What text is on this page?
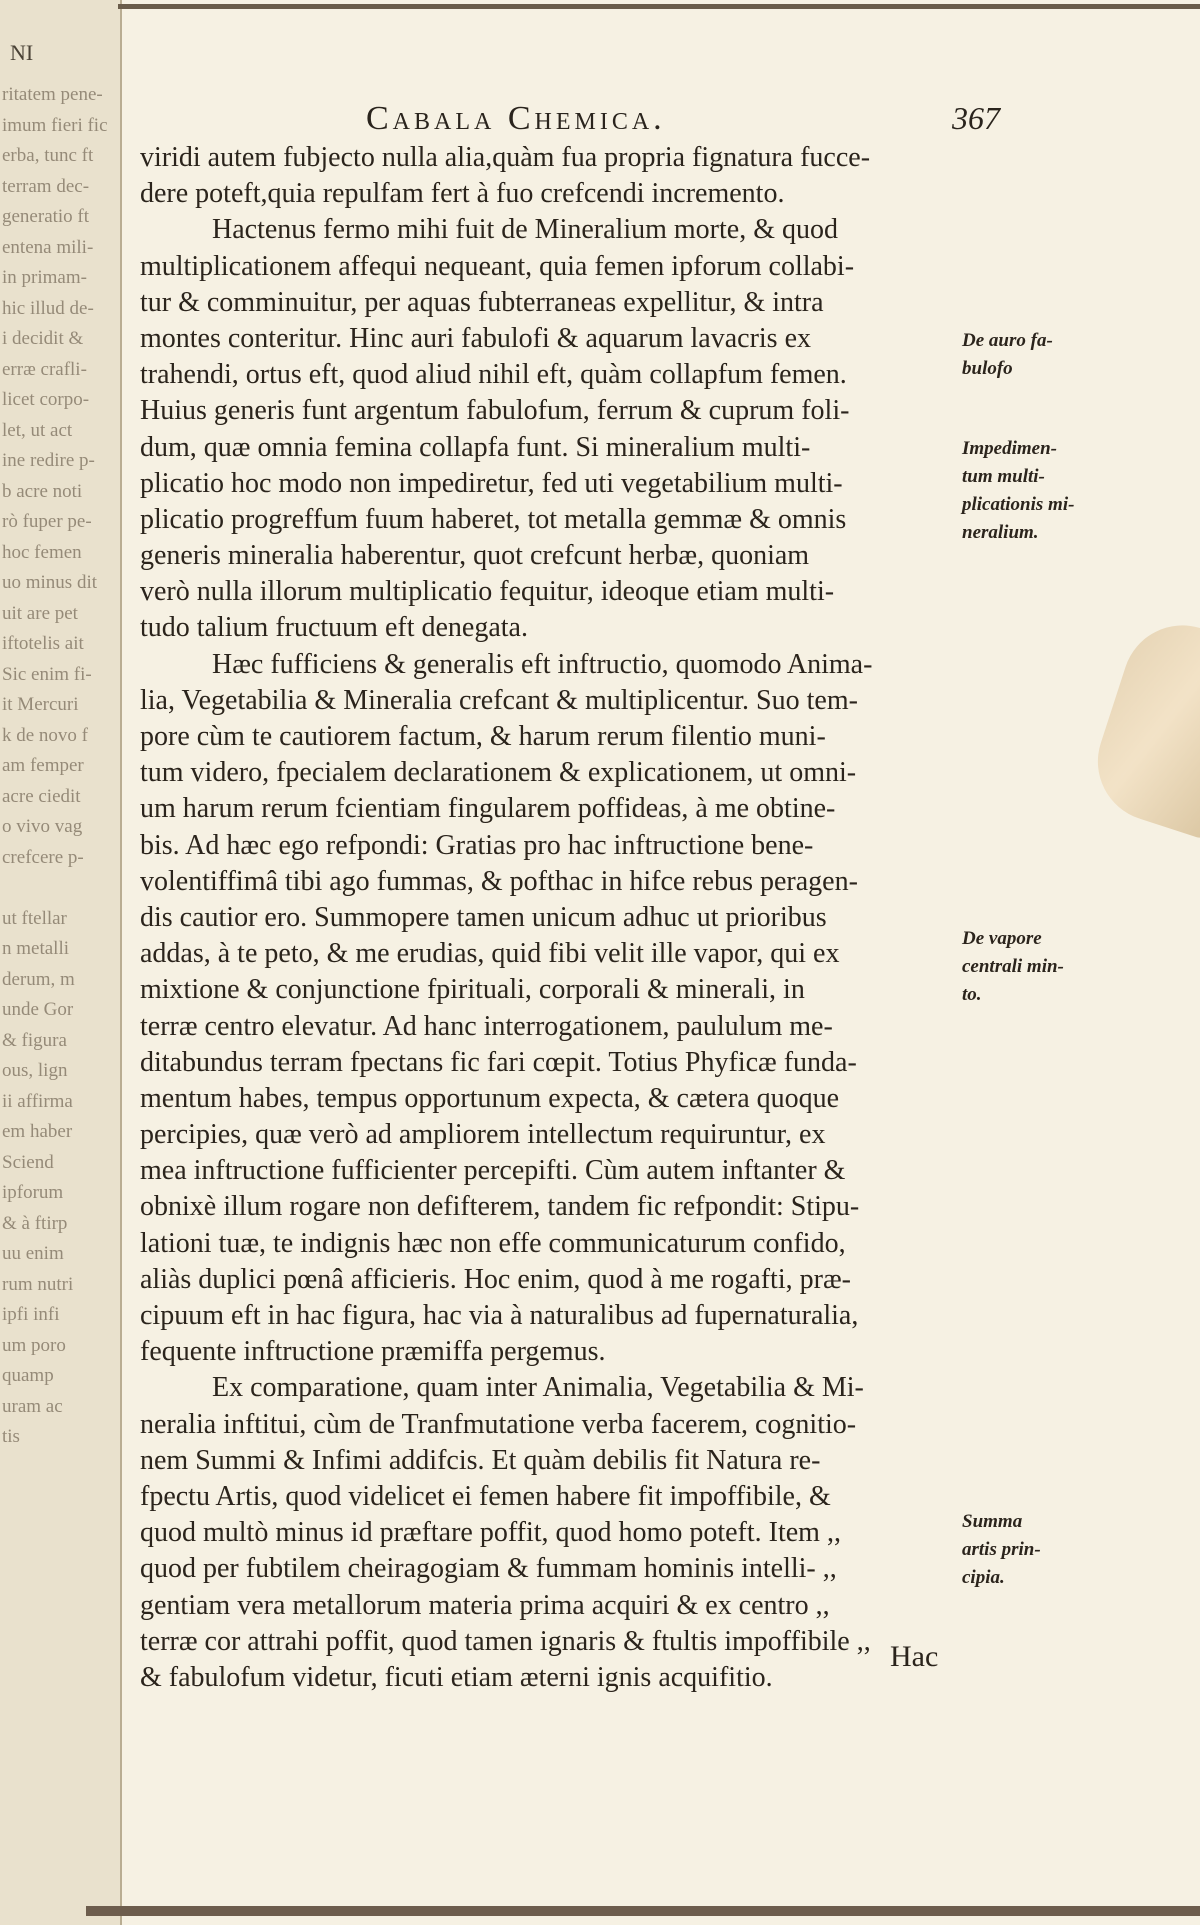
NI
ritatem pene-
imum fieri fic
erba, tunc ft
terram dec-
generatio ft
entena mili-
in primam-
hic illud de-
i decidit &
erræ crafli-
licet corpo-
let, ut act
ine redire p-
b acre noti
rò fuper pe-
hoc femen
uo minus dit
uit are pet
iftotelis ait
Sic enim fi-
it Mercuri
k de novo f
am femper
acre ciedit
o vivo vag
crefcere p-
ut ftellar
n metalli
derum, m
unde Gor
& figura
ous, lign
ii affirma
em haber
Sciend
ipforum
& à ftirp
uu enim
rum nutri
ipfi infi
um poro
quamp
uram ac
tis
Cabala Chemica.	367
viridi autem fubjecto nulla alia,quàm fua propria fignatura fucce-
dere poteft,quia repulfam fert à fuo crefcendi incremento.
Hactenus fermo mihi fuit de Mineralium morte, & quod
multiplicationem affequi nequeant, quia femen ipforum collabi-
tur & comminuitur, per aquas fubterraneas expellitur, & intra
montes conteritur. Hinc auri fabulofi & aquarum lavacris ex
trahendi, ortus eft, quod aliud nihil eft, quàm collapfum femen.
Huius generis funt argentum fabulofum, ferrum & cuprum foli-
dum, quæ omnia femina collapfa funt. Si mineralium multi-
plicatio hoc modo non impediretur, fed uti vegetabilium multi-
plicatio progreffum fuum haberet, tot metalla gemmæ & omnis
generis mineralia haberentur, quot crefcunt herbæ, quoniam
verò nulla illorum multiplicatio fequitur, ideoque etiam multi-
tudo talium fructuum eft denegata.
Hæc fufficiens & generalis eft inftructio, quomodo Anima-
lia, Vegetabilia & Mineralia crefcant & multiplicentur. Suo tem-
pore cùm te cautiorem factum, & harum rerum filentio muni-
tum videro, fpecialem declarationem & explicationem, ut omni-
um harum rerum fcientiam fingularem poffideas, à me obtine-
bis. Ad hæc ego refpondi: Gratias pro hac inftructione bene-
volentiffimâ tibi ago fummas, & pofthac in hifce rebus peragen-
dis cautior ero. Summopere tamen unicum adhuc ut prioribus
addas, à te peto, & me erudias, quid fibi velit ille vapor, qui ex
mixtione & conjunctione fpirituali, corporali & minerali, in
terræ centro elevatur. Ad hanc interrogationem, paululum me-
ditabundus terram fpectans fic fari cœpit. Totius Phyficæ funda-
mentum habes, tempus opportunum expecta, & cætera quoque
percipies, quæ verò ad ampliorem intellectum requiruntur, ex
mea inftructione fufficienter percepifti. Cùm autem inftanter &
obnixè illum rogare non defifterem, tandem fic refpondit: Stipu-
lationi tuæ, te indignis hæc non effe communicaturum confido,
aliàs duplici pœnâ afficieris. Hoc enim, quod à me rogafti, præ-
cipuum eft in hac figura, hac via à naturalibus ad fupernaturalia,
fequente inftructione præmiffa pergemus.
Ex comparatione, quam inter Animalia, Vegetabilia & Mi-
neralia inftitui, cùm de Tranfmutatione verba facerem, cognitio-
nem Summi & Infimi addifcis. Et quàm debilis fit Natura re-
fpectu Artis, quod videlicet ei femen habere fit impoffibile, &
quod multò minus id præftare poffit, quod homo poteft. Item ,,
quod per fubtilem cheiragogiam & fummam hominis intelli- ,,
gentiam vera metallorum materia prima acquiri & ex centro ,,
terræ cor attrahi poffit, quod tamen ignaris & ftultis impoffibile ,,
& fabulofum videtur, ficuti etiam æterni ignis acquifitio.
De auro fa-
bulofo
Impedimen-
tum multi-
plicationis mi-
neralium.
De vapore
centrali min-
to.
Summa
artis prin-
cipia.
Hac
